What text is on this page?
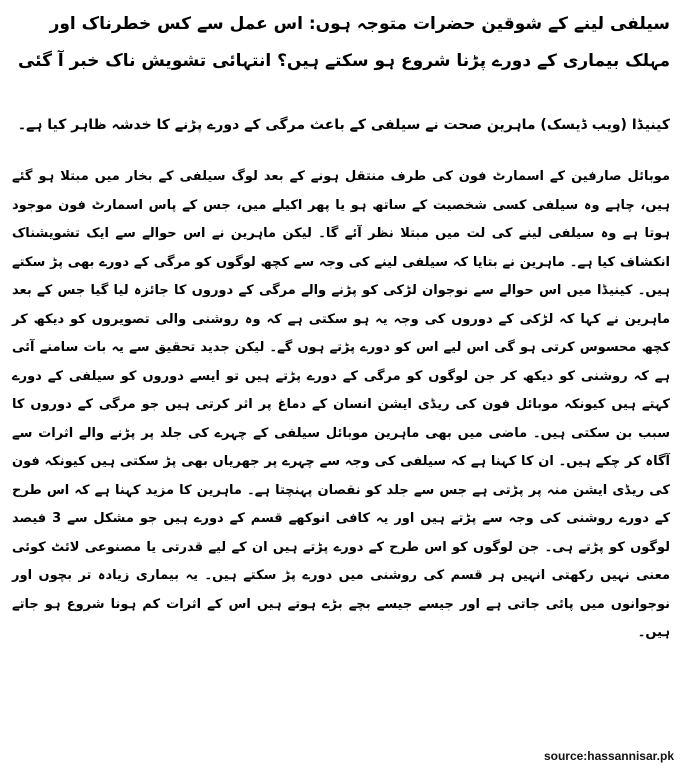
سیلفی لینے کے شوقین حضرات متوجہ ہوں: اس عمل سے کس خطرناک اور مہلک بیماری کے دورے پڑنا شروع ہو سکتے ہیں؟ انتہائی تشویش ناک خبر آ گئی

کینیڈا (ویب ڈیسک) ماہرین صحت نے سیلفی کے باعث مرگی کے دورے پڑنے کا خدشہ ظاہر کیا ہے۔

موبائل صارفین کے اسمارٹ فون کی طرف منتقل ہونے کے بعد لوگ سیلفی کے بخار میں مبتلا ہو گئے ہیں، چاہے وہ سیلفی کسی شخصیت کے ساتھ ہو یا پھر اکیلے میں، جس کے پاس اسمارٹ فون موجود ہوتا ہے وہ سیلفی لینے کی لت میں مبتلا نظر آئے گا۔ لیکن ماہرین نے اس حوالے سے ایک تشویشناک انکشاف کیا ہے۔ ماہرین نے بتایا کہ سیلفی لینے کی وجہ سے کچھ لوگوں کو مرگی کے دورے بھی پڑ سکتے ہیں۔ کینیڈا میں اس حوالے سے نوجوان لڑکی کو پڑنے والے مرگی کے دوروں کا جائزہ لیا گیا جس کے بعد ماہرین نے کہا کہ لڑکی کے دوروں کی وجہ یہ ہو سکتی ہے کہ وہ روشنی والی تصویروں کو دیکھ کر کچھ محسوس کرتی ہو گی اس لیے اس کو دورے پڑتے ہوں گے۔ لیکن جدید تحقیق سے یہ بات سامنے آئی ہے کہ روشنی کو دیکھ کر جن لوگوں کو مرگی کے دورے پڑتے ہیں تو ایسے دوروں کو سیلفی کے دورے کہتے ہیں کیونکہ موبائل فون کی ریڈی ایشن انسان کے دماغ پر اثر کرتی ہیں جو مرگی کے دوروں کا سبب بن سکتی ہیں۔ ماضی میں بھی ماہرین موبائل سیلفی کے چہرے کی جلد پر پڑنے والے اثرات سے آگاہ کر چکے ہیں۔ ان کا کہنا ہے کہ سیلفی کی وجہ سے چہرے پر جھریاں بھی پڑ سکتی ہیں کیونکہ فون کی ریڈی ایشن منہ پر پڑتی ہے جس سے جلد کو نقصان پہنچتا ہے۔ ماہرین کا مزید کہنا ہے کہ اس طرح کے دورے روشنی کی وجہ سے پڑتے ہیں اور یہ کافی انوکھے قسم کے دورے ہیں جو مشکل سے 3 فیصد لوگوں کو پڑتے ہی۔ جن لوگوں کو اس طرح کے دورے پڑتے ہیں ان کے لیے قدرتی یا مصنوعی لائٹ کوئی معنی نہیں رکھتی انہیں ہر قسم کی روشنی میں دورے پڑ سکتے ہیں۔ یہ بیماری زیادہ تر بچوں اور نوجوانوں میں پائی جاتی ہے اور جیسے جیسے بچے بڑے ہوتے ہیں اس کے اثرات کم ہونا شروع ہو جاتے ہیں۔

source:hassannisar.pk
